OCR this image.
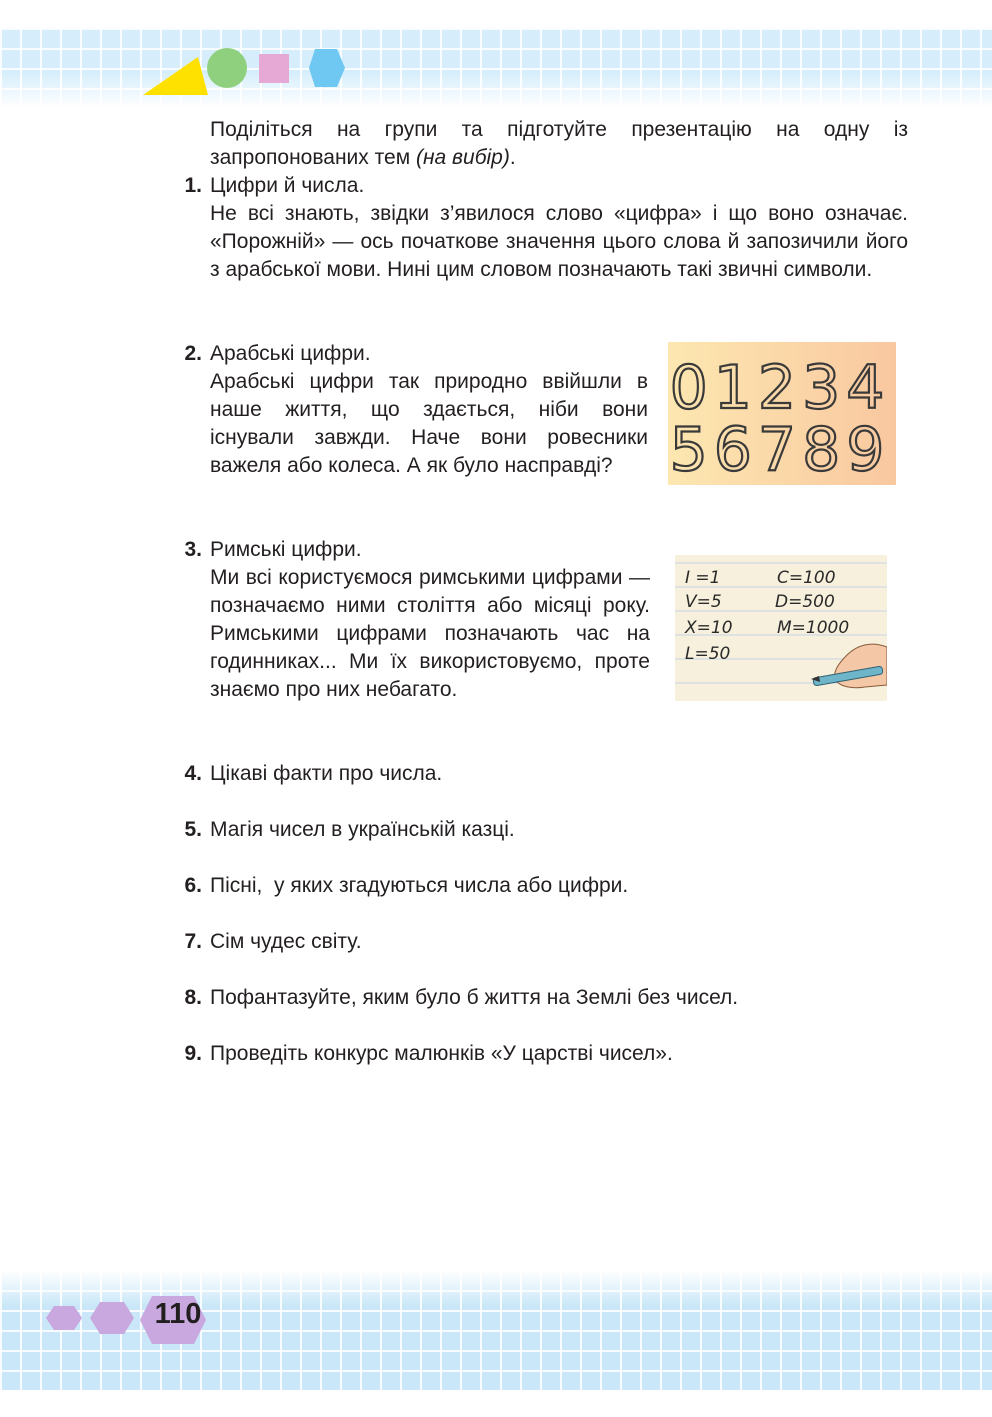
Поділіться на групи та підготуйте презентацію на одну із запропонованих тем (на вибір).
1. Цифри й числа.
Не всі знають, звідки з’явилося слово «цифра» і що воно означає. «Порожній» — ось початкове значення цього слова й запозичили його з арабської мови. Нині цим словом позначають такі звичні символи.
2. Арабські цифри.
Арабські цифри так природно ввійшли в наше життя, що здається, ніби вони існували завжди. Наче вони ровесники важеля або колеса. А як було насправді?
01234
56789
3. Римські цифри.
Ми всі користуємося римськими цифрами — позначаємо ними століття або місяці року. Римськими цифрами позначають час на годинниках... Ми їх використовуємо, проте знаємо про них небагато.
I =1
V=5
X=10
L=50
C=100
D=500
M=1000
4. Цікаві факти про числа.
5. Магія чисел в українській казці.
6. Пісні,  у яких згадуються числа або цифри.
7. Сім чудес світу.
8. Пофантазуйте, яким було б життя на Землі без чисел.
9. Проведіть конкурс малюнків «У царстві чисел».
110
